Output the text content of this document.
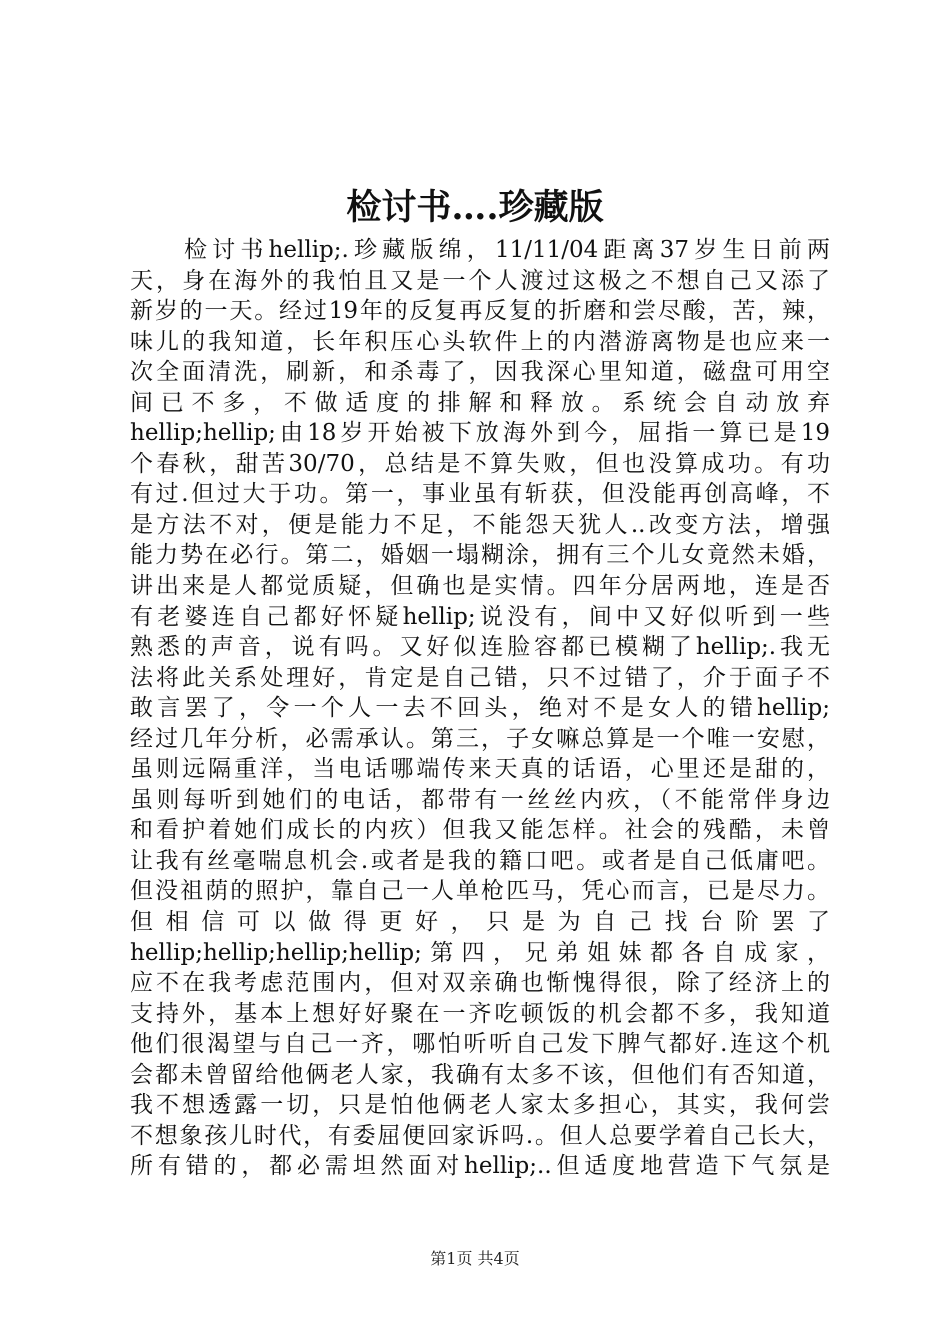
检讨书….珍藏版
检讨书hellip;.珍藏版绵，11/11/04距离37岁生日前两
天，身在海外的我怕且又是一个人渡过这极之不想自己又添了
新岁的一天。经过19年的反复再反复的折磨和尝尽酸，苦，辣，
味儿的我知道，长年积压心头软件上的内潜游离物是也应来一
次全面清洗，刷新，和杀毒了，因我深心里知道，磁盘可用空
间已不多，不做适度的排解和释放。系统会自动放弃
hellip;hellip;由18岁开始被下放海外到今，屈指一算已是19
个春秋，甜苦30/70，总结是不算失败，但也没算成功。有功
有过.但过大于功。第一，事业虽有斩获，但没能再创高峰，不
是方法不对，便是能力不足，不能怨天犹人..改变方法，增强
能力势在必行。第二，婚姻一塌糊涂，拥有三个儿女竟然未婚，
讲出来是人都觉质疑，但确也是实情。四年分居两地，连是否
有老婆连自己都好怀疑hellip;说没有，间中又好似听到一些
熟悉的声音，说有吗。又好似连脸容都已模糊了hellip;.我无
法将此关系处理好，肯定是自己错，只不过错了，介于面子不
敢言罢了，令一个人一去不回头，绝对不是女人的错hellip;
经过几年分析，必需承认。第三，子女嘛总算是一个唯一安慰，
虽则远隔重洋，当电话哪端传来天真的话语，心里还是甜的，
虽则每听到她们的电话，都带有一丝丝内疚，（不能常伴身边
和看护着她们成长的内疚）但我又能怎样。社会的残酷，未曾
让我有丝毫喘息机会.或者是我的籍口吧。或者是自己低庸吧。
但没祖荫的照护，靠自己一人单枪匹马，凭心而言，已是尽力。
但相信可以做得更好，只是为自己找台阶罢了
hellip;hellip;hellip;hellip;第四，兄弟姐妹都各自成家，
应不在我考虑范围内，但对双亲确也惭愧得很，除了经济上的
支持外，基本上想好好聚在一齐吃顿饭的机会都不多，我知道
他们很渴望与自己一齐，哪怕听听自己发下脾气都好.连这个机
会都未曾留给他俩老人家，我确有太多不该，但他们有否知道，
我不想透露一切，只是怕他俩老人家太多担心，其实，我何尝
不想象孩儿时代，有委屈便回家诉吗.。但人总要学着自己长大，
所有错的，都必需坦然面对hellip;..但适度地营造下气氛是
第1页 共4页
